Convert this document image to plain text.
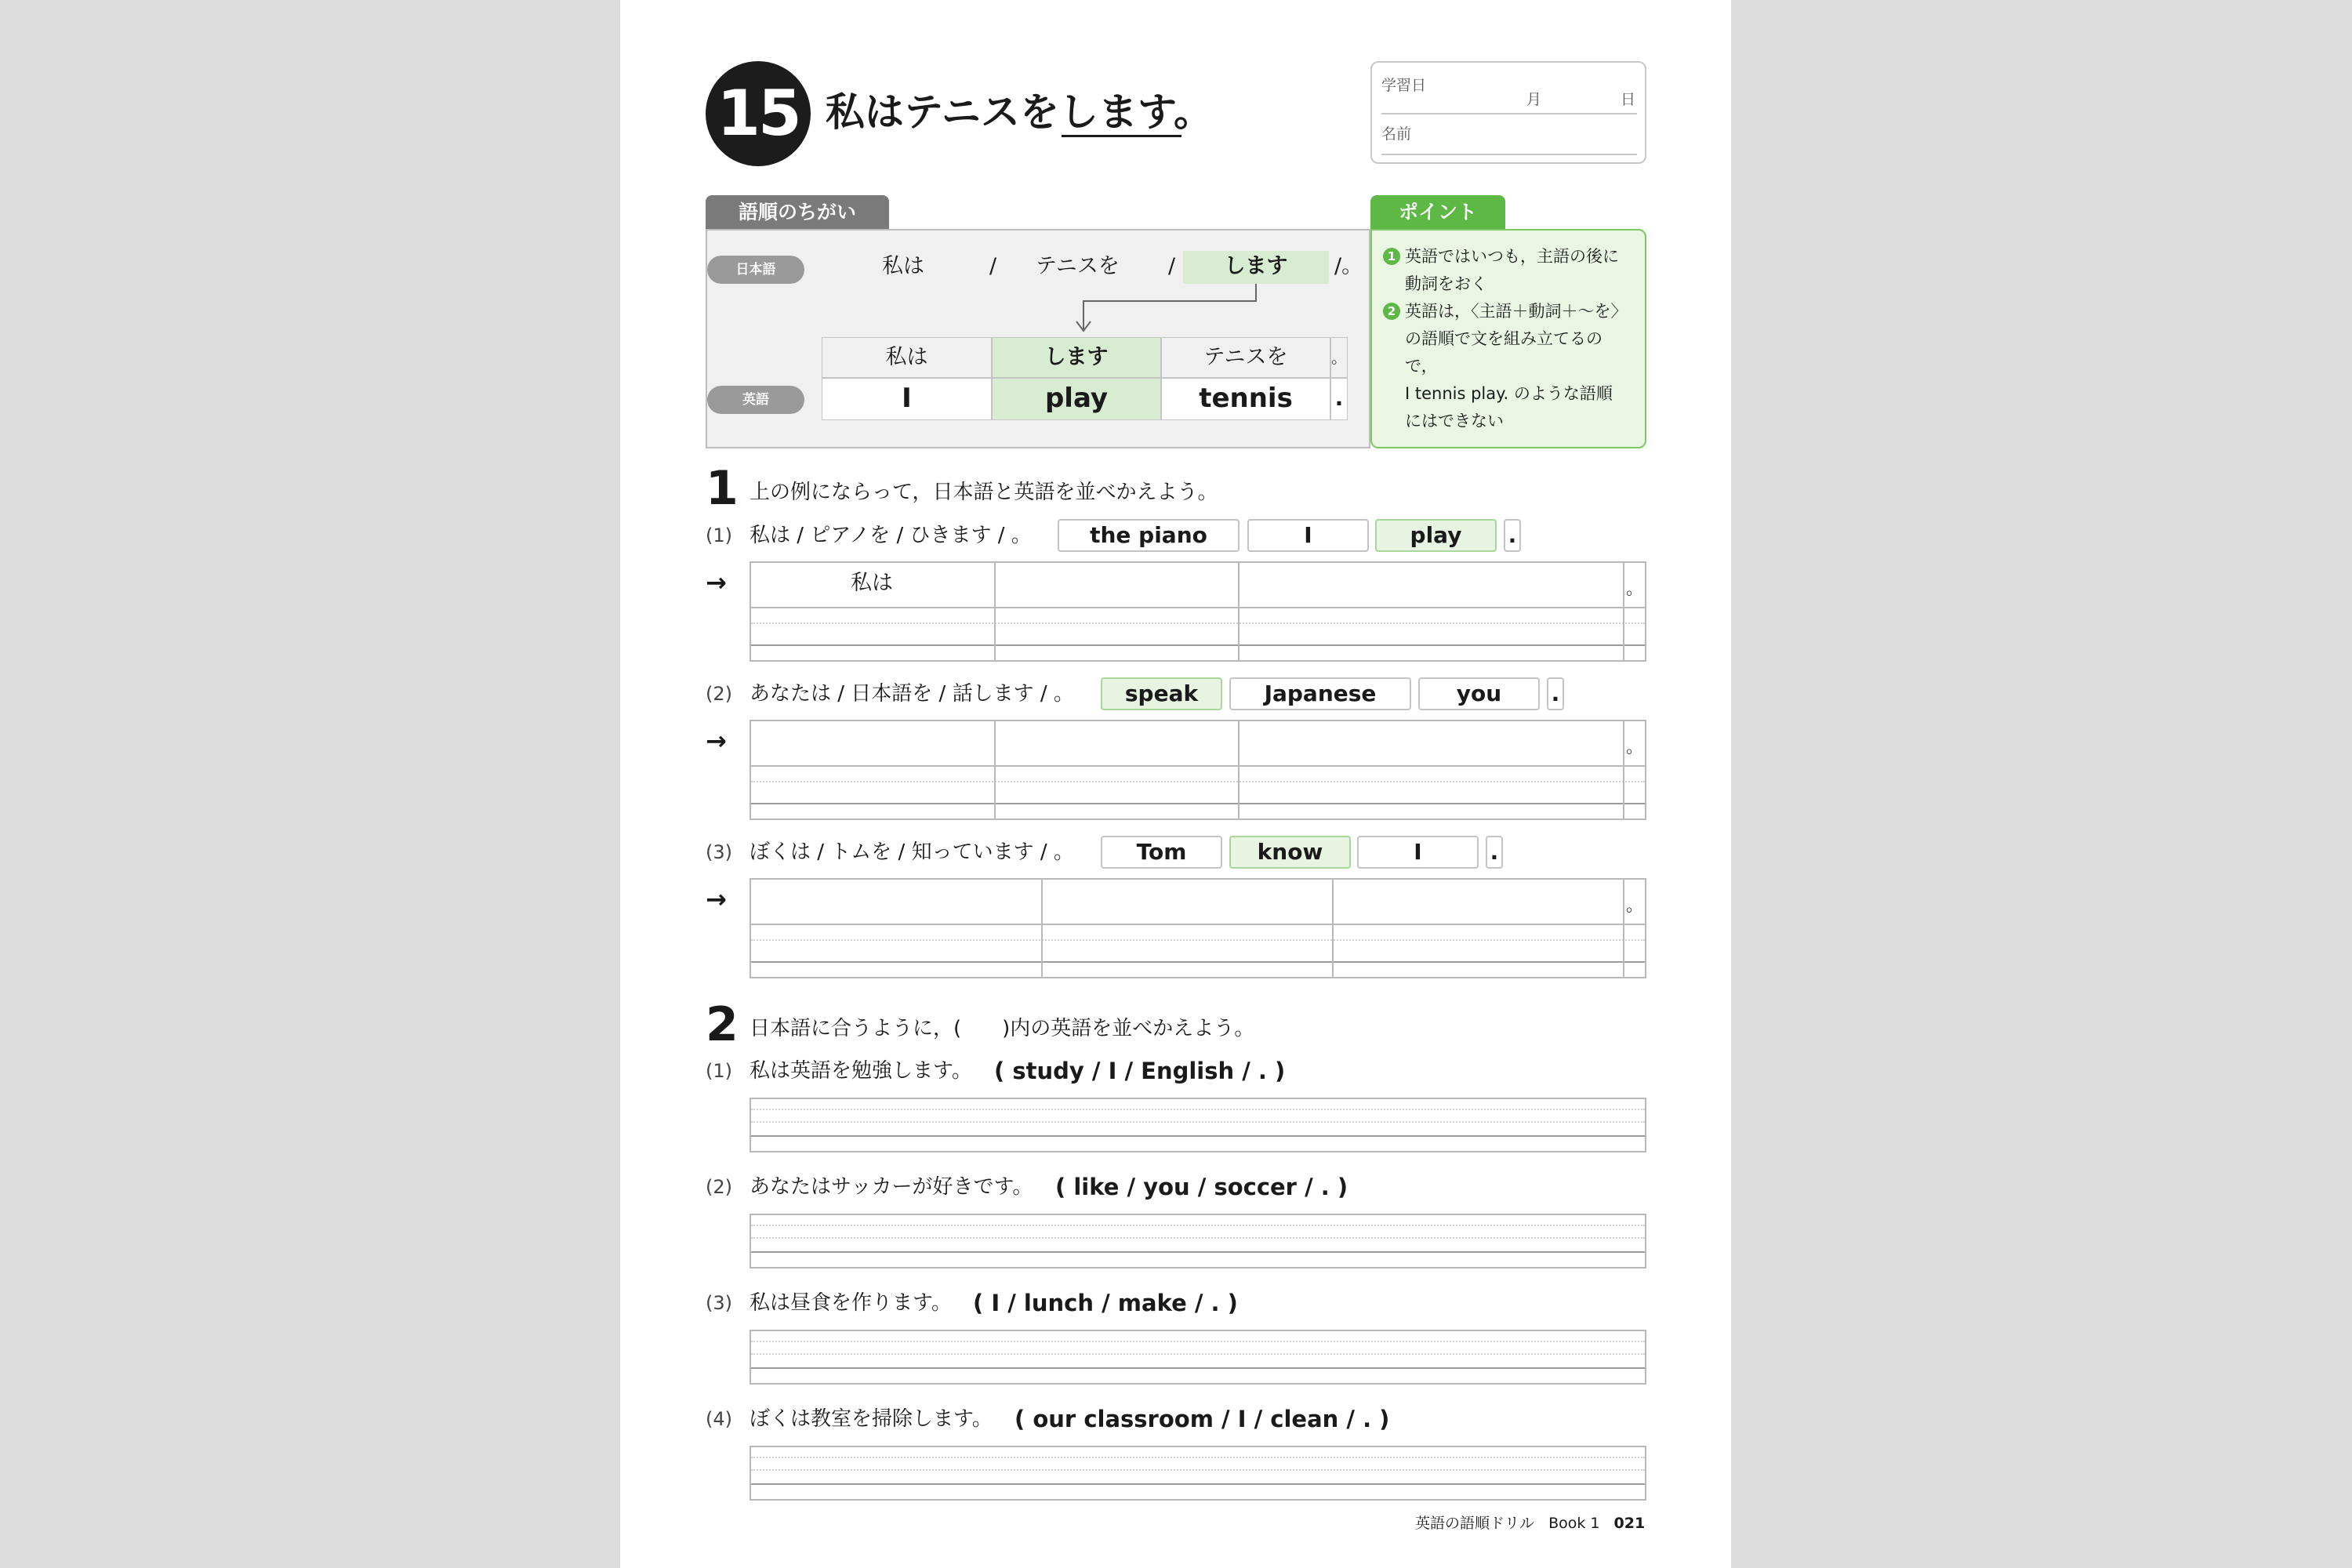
15 私はテニスをします。
学習日
月	日
名前
語順のちがい
日本語
英語
私は	/ テニスを /	します	/。
私は	します	テニスを	。
I	play	tennis	.
ポイント
1 英語ではいつも，主語の後に
動詞をおく
2 英語は，〈主語＋動詞＋〜を〉
の語順で文を組み立てるので，
I tennis play. のような語順
にはできない
1 上の例にならって，日本語と英語を並べかえよう。
(1) 私は / ピアノを / ひきます / 。	the piano	I	play	.
→	私は	。
(2) あなたは / 日本語を / 話します / 。	speak	Japanese	you	.
→	。
(3) ぼくは / トムを / 知っています / 。	Tom	know	I	.
→	。
2 日本語に合うように，(　　)内の英語を並べかえよう。
(1) 私は英語を勉強します。 ( study / I / English / . )
(2) あなたはサッカーが好きです。 ( like / you / soccer / . )
(3) 私は昼食を作ります。 ( I / lunch / make / . )
(4) ぼくは教室を掃除します。 ( our classroom / I / clean / . )
英語の語順ドリル Book 1 021
